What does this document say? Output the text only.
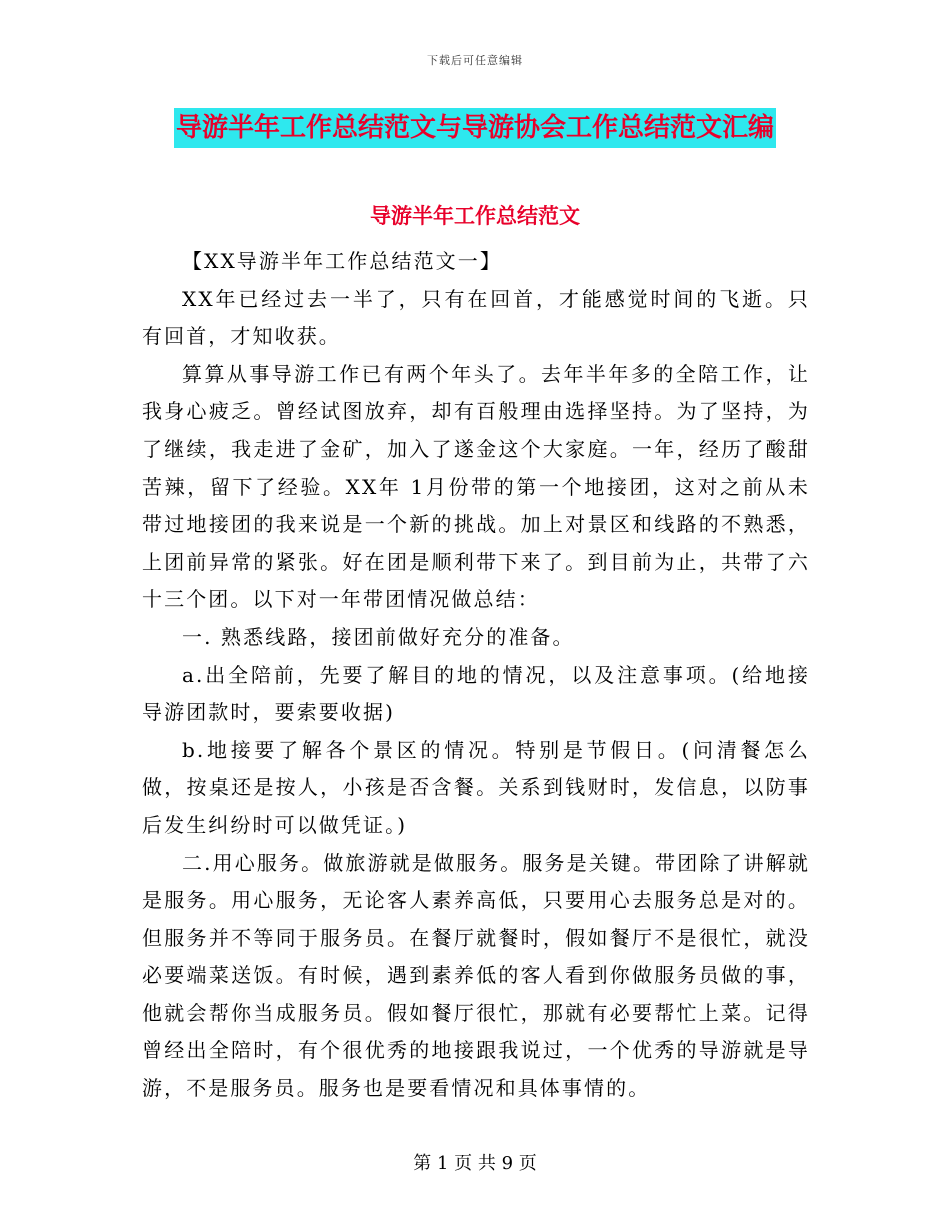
下载后可任意编辑
导游半年工作总结范文与导游协会工作总结范文汇编
导游半年工作总结范文

【XX导游半年工作总结范文一】

XX年已经过去一半了，只有在回首，才能感觉时间的飞逝。只有回首，才知收获。

算算从事导游工作已有两个年头了。去年半年多的全陪工作，让我身心疲乏。曾经试图放弃，却有百般理由选择坚持。为了坚持，为了继续，我走进了金矿，加入了遂金这个大家庭。一年，经历了酸甜苦辣，留下了经验。XX年 1月份带的第一个地接团，这对之前从未带过地接团的我来说是一个新的挑战。加上对景区和线路的不熟悉，上团前异常的紧张。好在团是顺利带下来了。到目前为止，共带了六十三个团。以下对一年带团情况做总结：

一. 熟悉线路，接团前做好充分的准备。

a.出全陪前，先要了解目的地的情况，以及注意事项。(给地接导游团款时，要索要收据)

b.地接要了解各个景区的情况。特别是节假日。(问清餐怎么做，按桌还是按人，小孩是否含餐。关系到钱财时，发信息，以防事后发生纠纷时可以做凭证。)

二.用心服务。做旅游就是做服务。服务是关键。带团除了讲解就是服务。用心服务，无论客人素养高低，只要用心去服务总是对的。但服务并不等同于服务员。在餐厅就餐时，假如餐厅不是很忙，就没必要端菜送饭。有时候，遇到素养低的客人看到你做服务员做的事，他就会帮你当成服务员。假如餐厅很忙，那就有必要帮忙上菜。记得曾经出全陪时，有个很优秀的地接跟我说过，一个优秀的导游就是导游，不是服务员。服务也是要看情况和具体事情的。

第 1 页 共 9 页
